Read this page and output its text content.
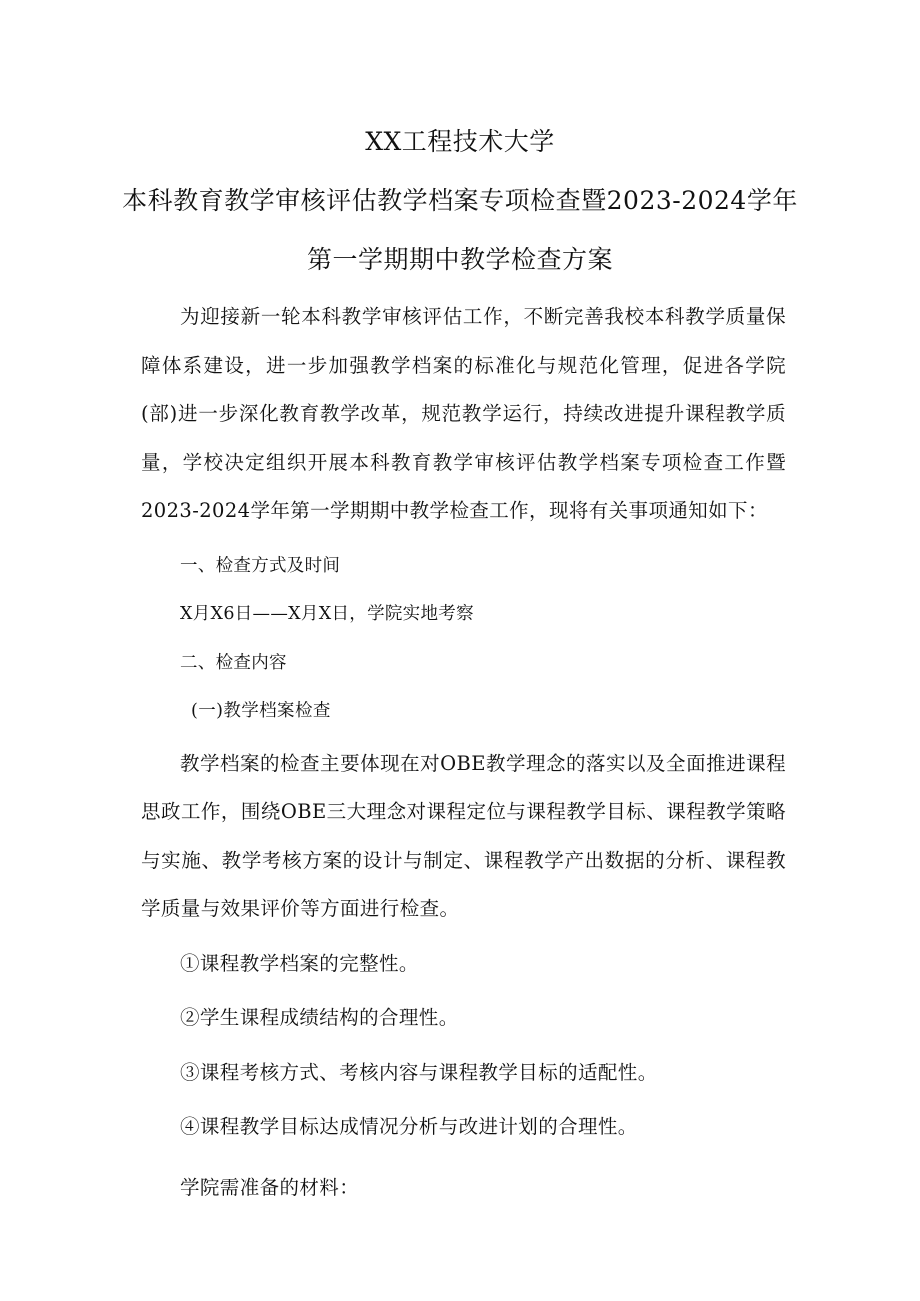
XX工程技术大学
本科教育教学审核评估教学档案专项检查暨2023-2024学年
第一学期期中教学检查方案

为迎接新一轮本科教学审核评估工作，不断完善我校本科教学质量保障体系建设，进一步加强教学档案的标准化与规范化管理，促进各学院(部)进一步深化教育教学改革，规范教学运行，持续改进提升课程教学质量，学校决定组织开展本科教育教学审核评估教学档案专项检查工作暨2023-2024学年第一学期期中教学检查工作，现将有关事项通知如下：

一、检查方式及时间

X月X6日——X月X日，学院实地考察

二、检查内容

(一)教学档案检查

教学档案的检查主要体现在对OBE教学理念的落实以及全面推进课程思政工作，围绕OBE三大理念对课程定位与课程教学目标、课程教学策略与实施、教学考核方案的设计与制定、课程教学产出数据的分析、课程教学质量与效果评价等方面进行检查。

①课程教学档案的完整性。

②学生课程成绩结构的合理性。

③课程考核方式、考核内容与课程教学目标的适配性。

④课程教学目标达成情况分析与改进计划的合理性。

学院需准备的材料：
